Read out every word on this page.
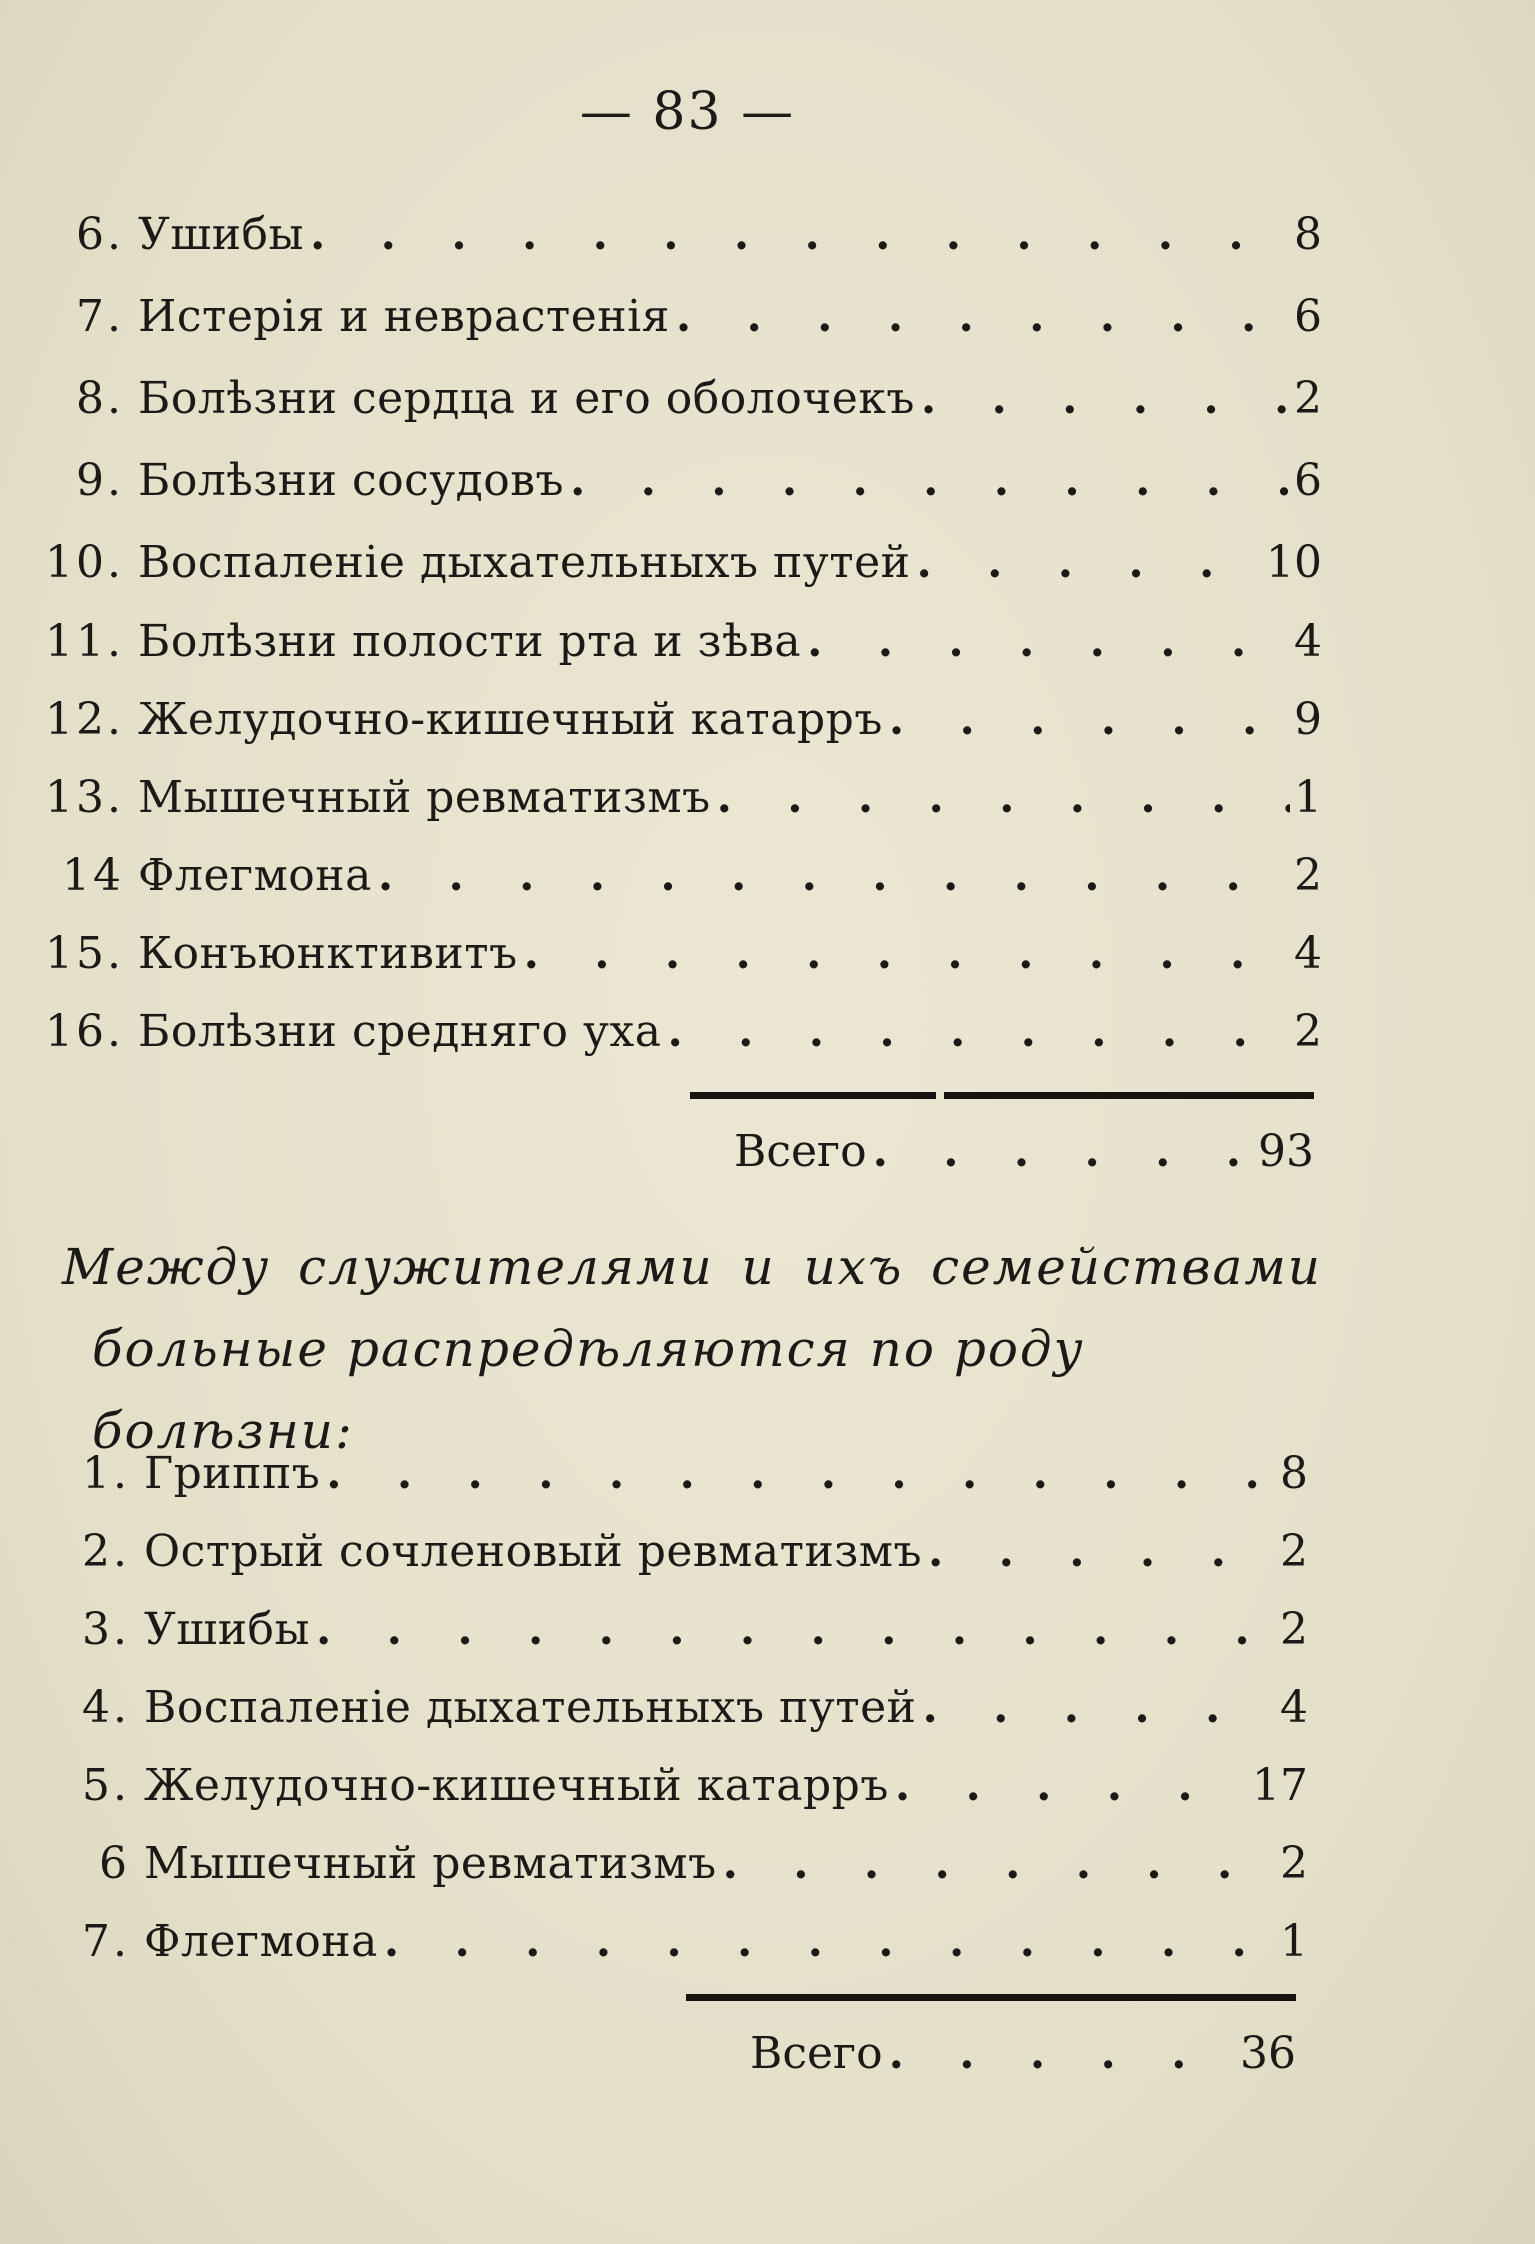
— 83 —
6. Ушибы . . .	8
7. Истерія и неврастенія . . .	6
8. Болѣзни сердца и его оболочекъ . . .	2
9. Болѣзни сосудовъ . . .	6
10. Воспаленіе дыхательныхъ путей . . .	10
11. Болѣзни полости рта и зѣва . . .	4
12. Желудочно-кишечный катарръ . . .	9
13. Мышечный ревматизмъ . . .	1
14 Флегмона . . .	2
15. Конъюнктивитъ . . .	4
16. Болѣзни средняго уха . . .	2
Всего . . .	93
Между служителями и ихъ семействами
больные распредѣляются по роду болѣзни:
1. Гриппъ . . .	8
2. Острый сочленовый ревматизмъ . . .	2
3. Ушибы . . .	2
4. Воспаленіе дыхательныхъ путей . . .	4
5. Желудочно-кишечный катарръ . . .	17
6 Мышечный ревматизмъ . . .	2
7. Флегмона . . .	1
Всего . . .	36
